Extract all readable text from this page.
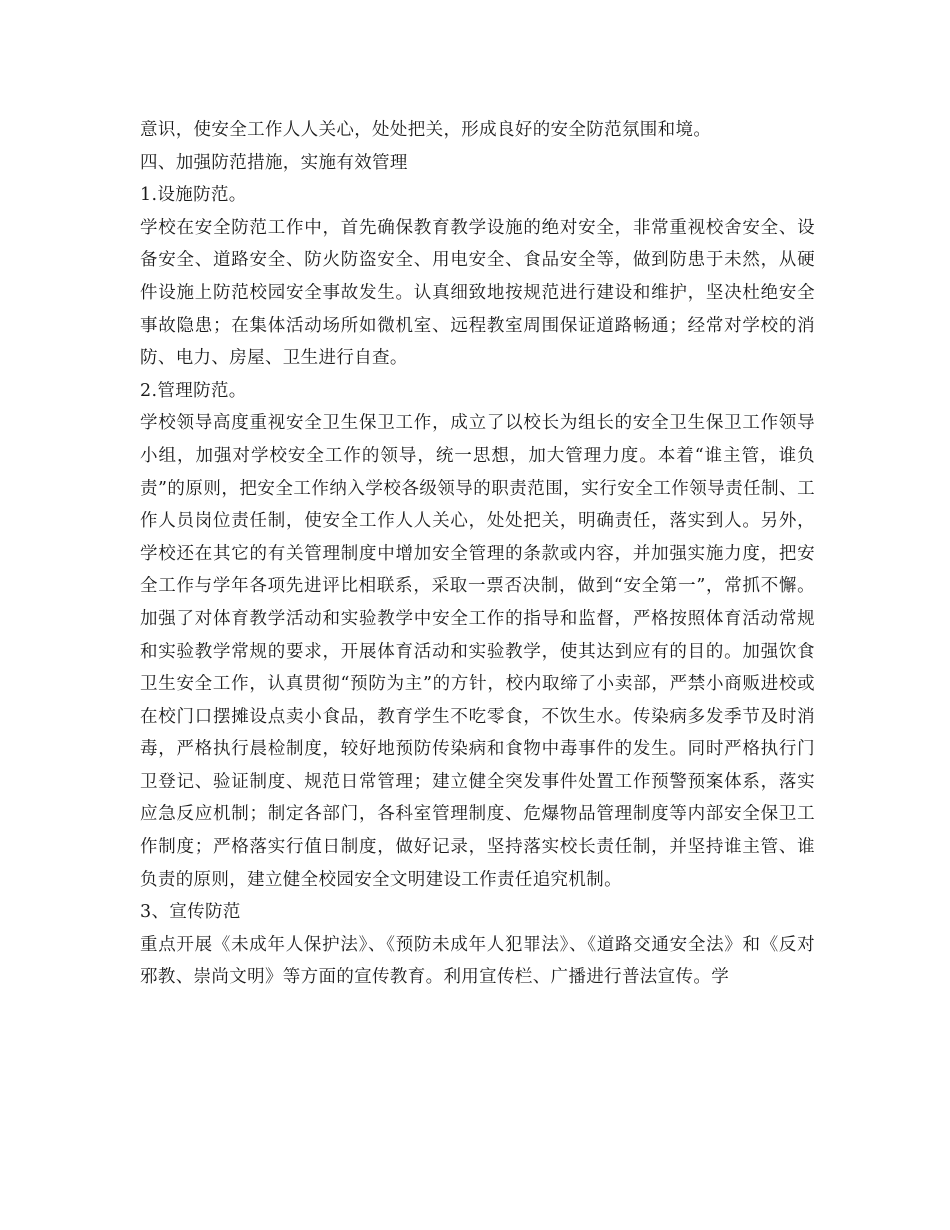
意识，使安全工作人人关心，处处把关，形成良好的安全防范氛围和境。

四、加强防范措施，实施有效管理

1.设施防范。

学校在安全防范工作中，首先确保教育教学设施的绝对安全，非常重视校舍安全、设备安全、道路安全、防火防盗安全、用电安全、食品安全等，做到防患于未然，从硬件设施上防范校园安全事故发生。认真细致地按规范进行建设和维护，坚决杜绝安全事故隐患；在集体活动场所如微机室、远程教室周围保证道路畅通；经常对学校的消防、电力、房屋、卫生进行自查。

2.管理防范。

学校领导高度重视安全卫生保卫工作，成立了以校长为组长的安全卫生保卫工作领导小组，加强对学校安全工作的领导，统一思想，加大管理力度。本着“谁主管，谁负责”的原则，把安全工作纳入学校各级领导的职责范围，实行安全工作领导责任制、工作人员岗位责任制，使安全工作人人关心，处处把关，明确责任，落实到人。另外，学校还在其它的有关管理制度中增加安全管理的条款或内容，并加强实施力度，把安全工作与学年各项先进评比相联系，采取一票否决制，做到“安全第一”，常抓不懈。加强了对体育教学活动和实验教学中安全工作的指导和监督，严格按照体育活动常规和实验教学常规的要求，开展体育活动和实验教学，使其达到应有的目的。加强饮食卫生安全工作，认真贯彻“预防为主”的方针，校内取缔了小卖部，严禁小商贩进校或在校门口摆摊设点卖小食品，教育学生不吃零食，不饮生水。传染病多发季节及时消毒，严格执行晨检制度，较好地预防传染病和食物中毒事件的发生。同时严格执行门卫登记、验证制度、规范日常管理；建立健全突发事件处置工作预警预案体系，落实应急反应机制；制定各部门，各科室管理制度、危爆物品管理制度等内部安全保卫工作制度；严格落实行值日制度，做好记录，坚持落实校长责任制，并坚持谁主管、谁负责的原则，建立健全校园安全文明建设工作责任追究机制。

3、宣传防范

重点开展《未成年人保护法》、《预防未成年人犯罪法》、《道路交通安全法》和《反对邪教、崇尚文明》等方面的宣传教育。利用宣传栏、广播进行普法宣传。学
